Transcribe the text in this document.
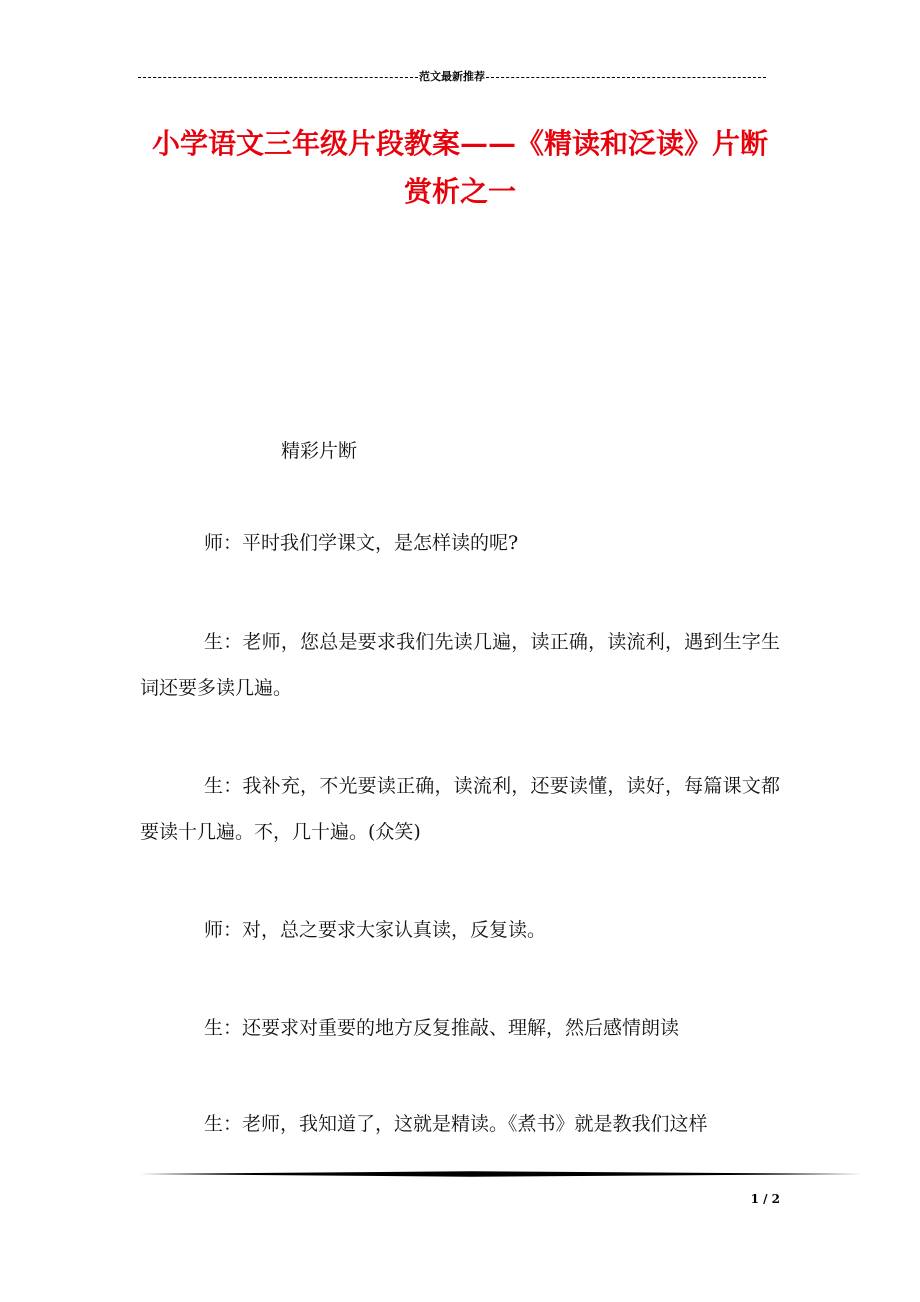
范文最新推荐
小学语文三年级片段教案——《精读和泛读》片断赏析之一

精彩片断

师：平时我们学课文，是怎样读的呢?

生：老师，您总是要求我们先读几遍，读正确，读流利，遇到生字生词还要多读几遍。

生：我补充，不光要读正确，读流利，还要读懂，读好，每篇课文都要读十几遍。不，几十遍。(众笑)

师：对，总之要求大家认真读，反复读。

生：还要求对重要的地方反复推敲、理解，然后感情朗读

生：老师，我知道了，这就是精读。《煮书》就是教我们这样

1 / 2
